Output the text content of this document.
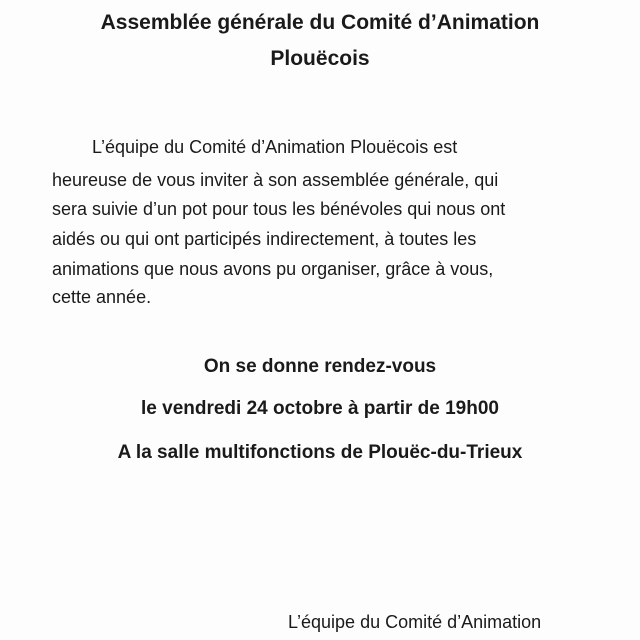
Assemblée générale du Comité d’Animation
Plouëcois

L’équipe du Comité d’Animation Plouëcois est

heureuse de vous inviter à son assemblée générale, qui

sera suivie d’un pot pour tous les bénévoles qui nous ont

aidés ou qui ont participés indirectement, à toutes les

animations que nous avons pu organiser, grâce à vous,

cette année.

On se donne rendez-vous

le vendredi 24 octobre à partir de 19h00

A la salle multifonctions de Plouëc-du-Trieux

L’équipe du Comité d’Animation
